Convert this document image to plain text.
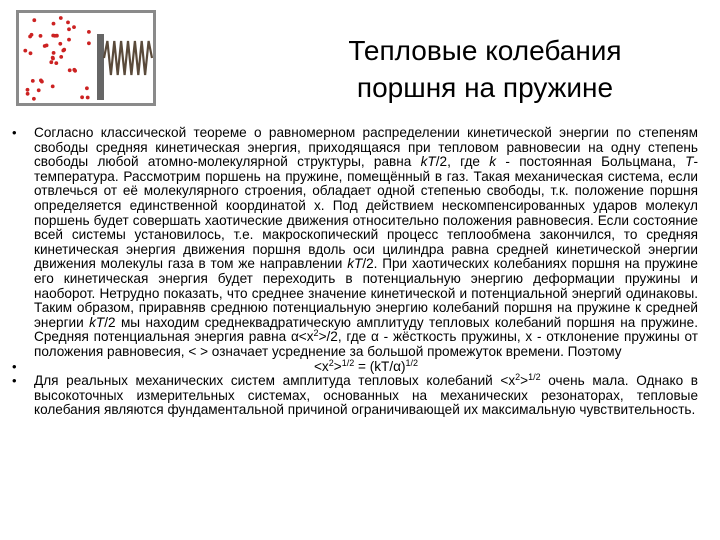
Тепловые колебания
поршня на пружине
•	Согласно классической теореме о равномерном распределении кинетической энергии по степеням свободы средняя кинетическая энергия, приходящаяся при тепловом равновесии на одну степень свободы любой атомно-молекулярной структуры, равна kT/2, где k - постоянная Больцмана, T- температура. Рассмотрим поршень на пружине, помещённый в газ. Такая механическая система, если отвлечься от её молекулярного строения, обладает одной степенью свободы, т.к. положение поршня определяется единственной координатой х. Под действием нескомпенсированных ударов молекул поршень будет совершать хаотические движения относительно положения равновесия. Если состояние всей системы установилось, т.е. макроскопический процесс теплообмена закончился, то средняя кинетическая энергия движения поршня вдоль оси цилиндра равна средней кинетической энергии движения молекулы газа в том же направлении kT/2. При хаотических колебаниях поршня на пружине его кинетическая энергия будет переходить в потенциальную энергию деформации пружины и наоборот. Нетрудно показать, что среднее значение кинетической и потенциальной энергий одинаковы. Таким образом, приравняв среднюю потенциальную энергию колебаний поршня на пружине к средней энергии kT/2 мы находим среднеквадратическую амплитуду тепловых колебаний поршня на пружине. Средняя потенциальная энергия равна $\alpha<x^2>/2$, где α - жёсткость пружины, х - отклонение пружины от положения равновесия, < > означает усреднение за большой промежуток времени. Поэтому
•	$<x^2>^{1/2} = (kT/\alpha)^{1/2}$
•	Для реальных механических систем амплитуда тепловых колебаний $<x^2>^{1/2}$ очень мала. Однако в высокоточных измерительных системах, основанных на механических резонаторах, тепловые колебания являются фундаментальной причиной ограничивающей их максимальную чувствительность.
